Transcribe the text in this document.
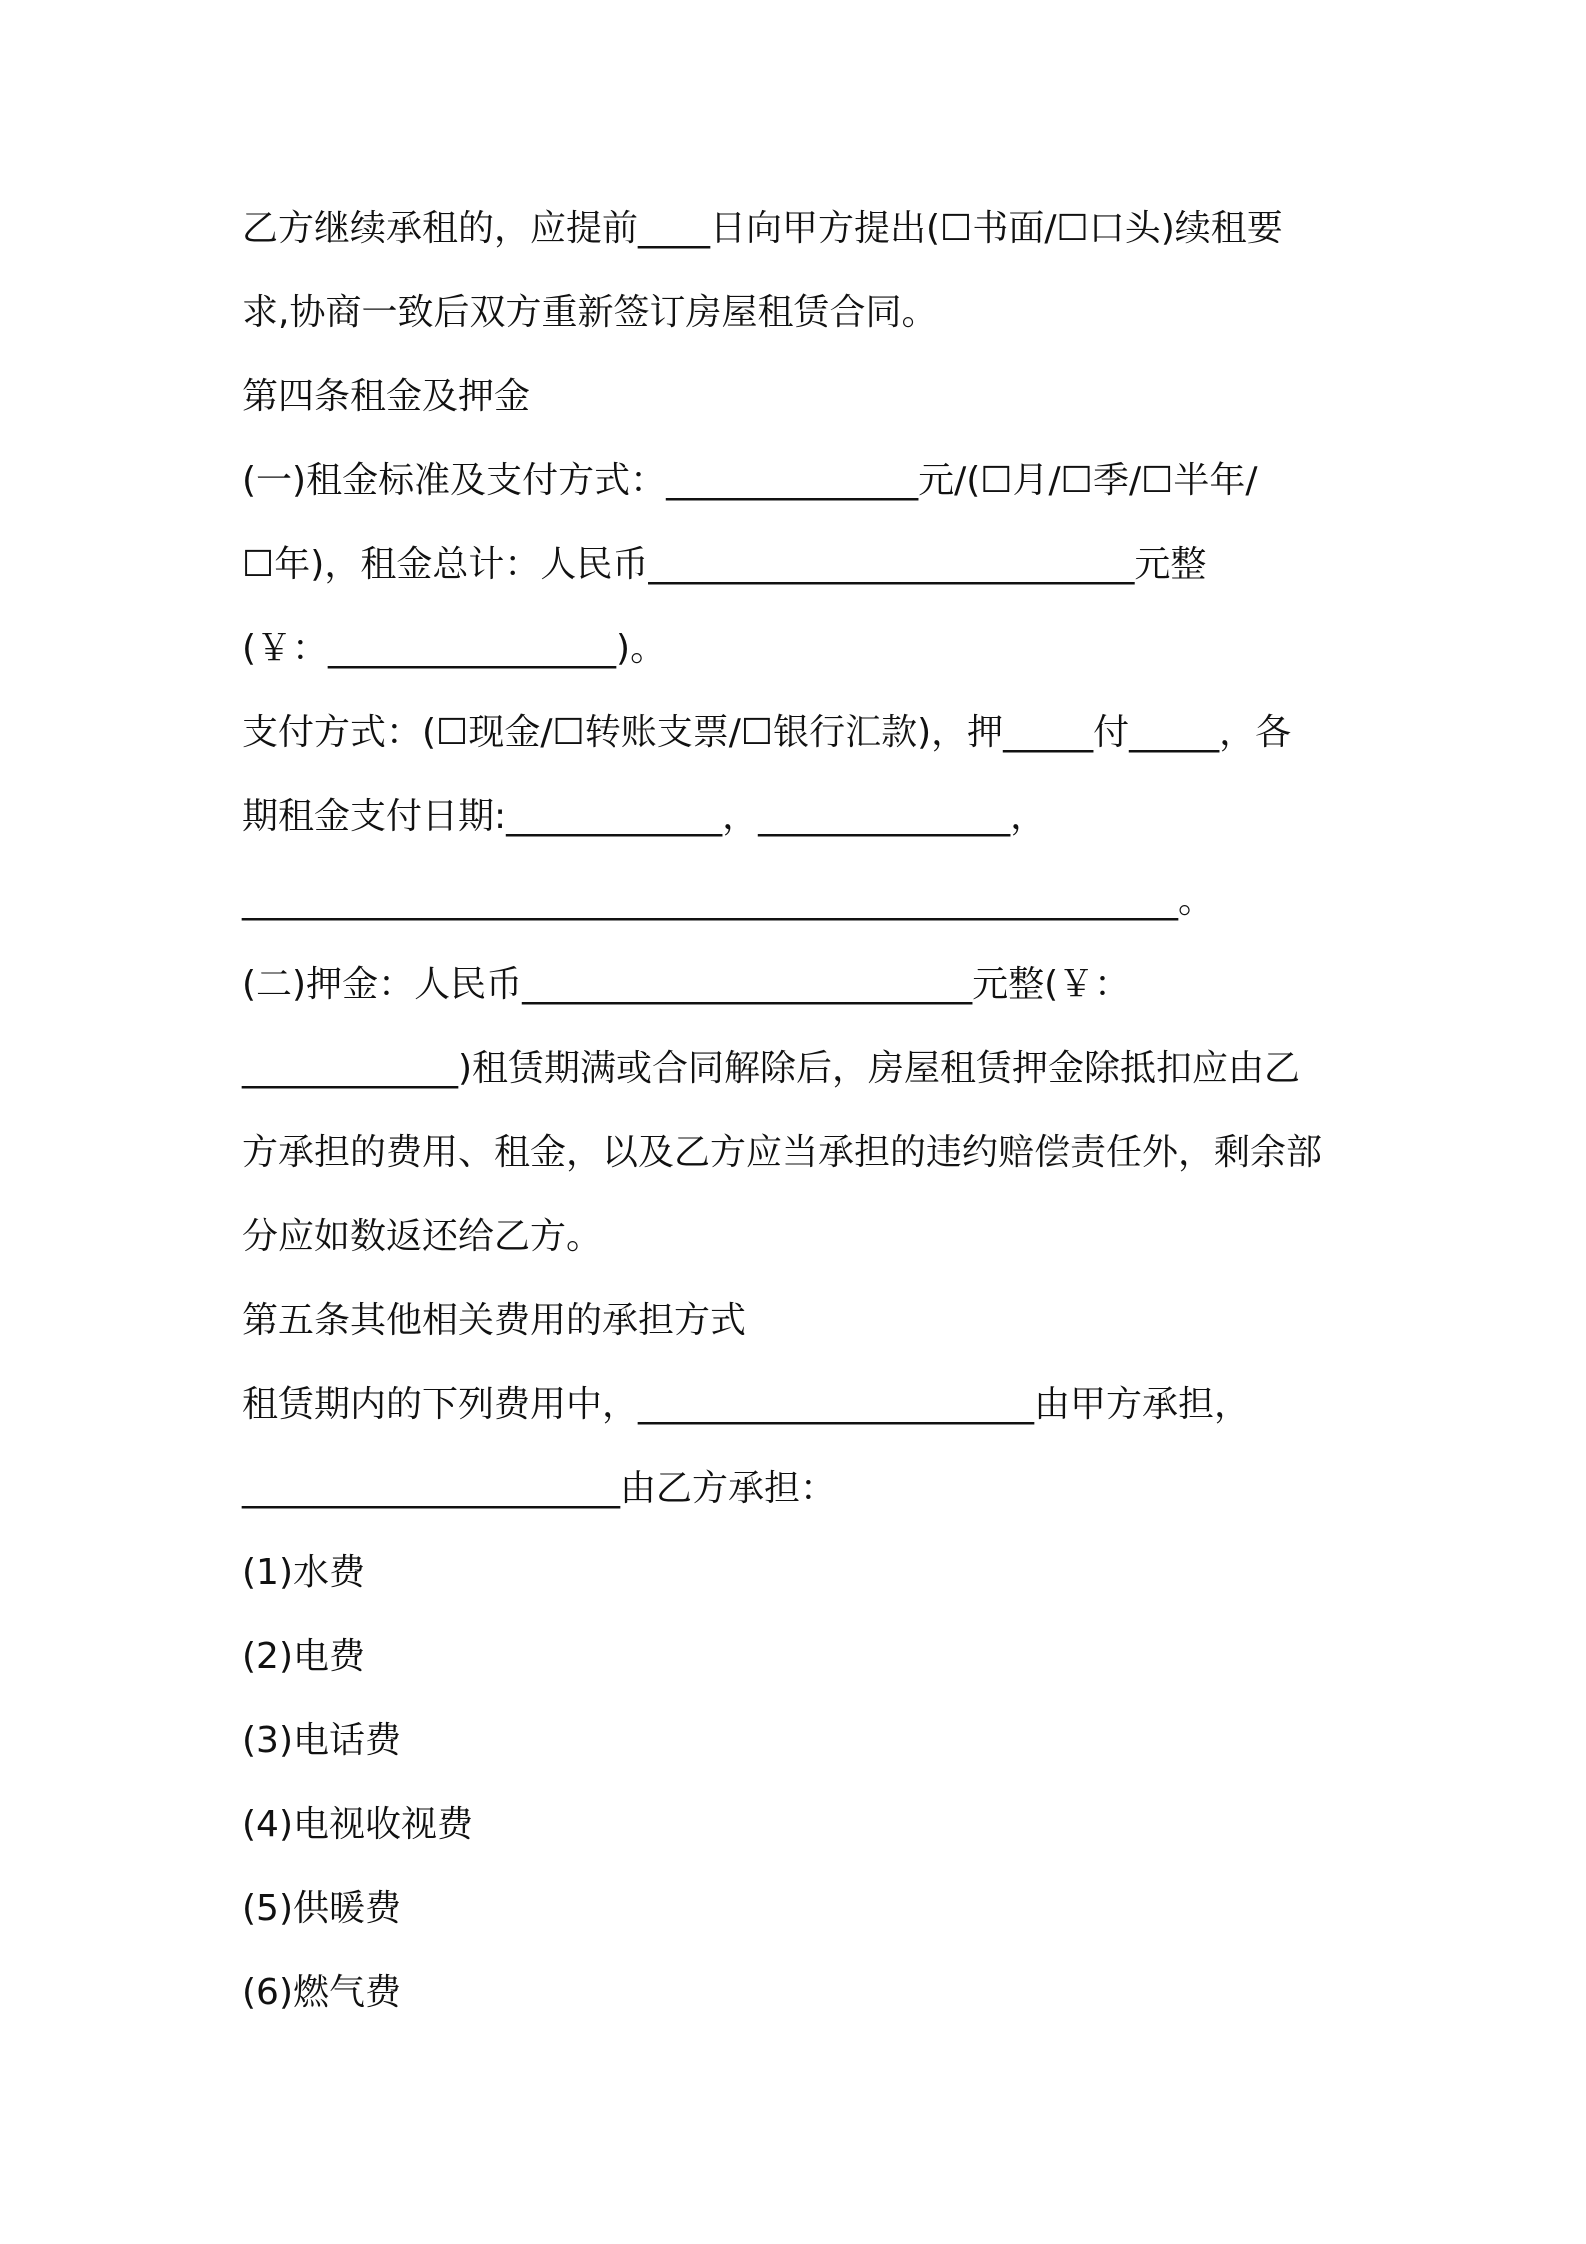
乙方继续承租的，应提前____日向甲方提出(☐书面/☐口头)续租要
求,协商一致后双方重新签订房屋租赁合同。
第四条租金及押金
(一)租金标准及支付方式：______________元/(☐月/☐季/☐半年/
☐年)，租金总计：人民币___________________________元整
(￥：________________)。
支付方式：(☐现金/☐转账支票/☐银行汇款)，押_____付_____，各
期租金支付日期:____________，______________，
____________________________________________________。
(二)押金：人民币_________________________元整(￥：
____________)租赁期满或合同解除后，房屋租赁押金除抵扣应由乙
方承担的费用、租金，以及乙方应当承担的违约赔偿责任外，剩余部
分应如数返还给乙方。
第五条其他相关费用的承担方式
租赁期内的下列费用中，______________________由甲方承担，
_____________________由乙方承担：
(1)水费
(2)电费
(3)电话费
(4)电视收视费
(5)供暖费
(6)燃气费
